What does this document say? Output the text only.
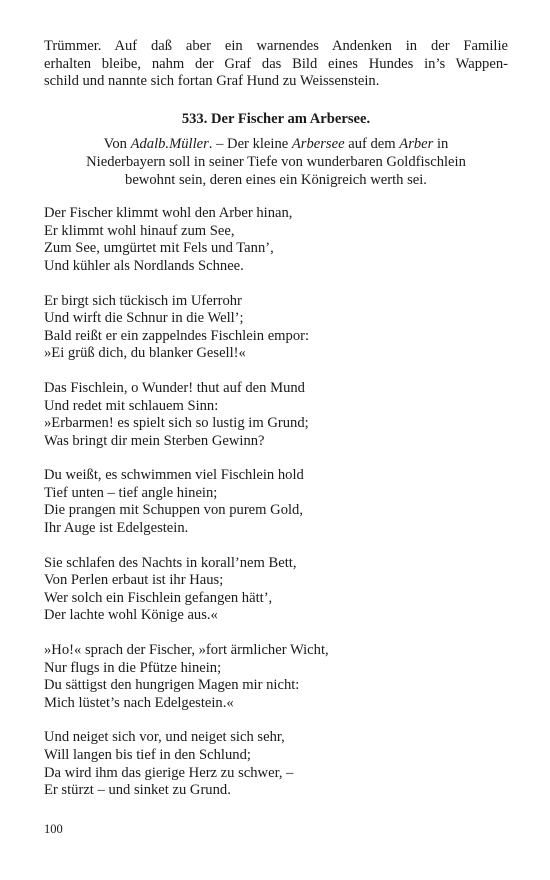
Trümmer. Auf daß aber ein warnendes Andenken in der Familie
erhalten bleibe, nahm der Graf das Bild eines Hundes in’s Wappen-
schild und nannte sich fortan Graf Hund zu Weissenstein.
533. Der Fischer am Arbersee.
Von Adalb.Müller. – Der kleine Arbersee auf dem Arber in
Niederbayern soll in seiner Tiefe von wunderbaren Goldfischlein
bewohnt sein, deren eines ein Königreich werth sei.
Der Fischer klimmt wohl den Arber hinan,
Er klimmt wohl hinauf zum See,
Zum See, umgürtet mit Fels und Tann’,
Und kühler als Nordlands Schnee.
Er birgt sich tückisch im Uferrohr
Und wirft die Schnur in die Well’;
Bald reißt er ein zappelndes Fischlein empor:
»Ei grüß dich, du blanker Gesell!«
Das Fischlein, o Wunder! thut auf den Mund
Und redet mit schlauem Sinn:
»Erbarmen! es spielt sich so lustig im Grund;
Was bringt dir mein Sterben Gewinn?
Du weißt, es schwimmen viel Fischlein hold
Tief unten – tief angle hinein;
Die prangen mit Schuppen von purem Gold,
Ihr Auge ist Edelgestein.
Sie schlafen des Nachts in korall’nem Bett,
Von Perlen erbaut ist ihr Haus;
Wer solch ein Fischlein gefangen hätt’,
Der lachte wohl Könige aus.«
»Ho!« sprach der Fischer, »fort ärmlicher Wicht,
Nur flugs in die Pfütze hinein;
Du sättigst den hungrigen Magen mir nicht:
Mich lüstet’s nach Edelgestein.«
Und neiget sich vor, und neiget sich sehr,
Will langen bis tief in den Schlund;
Da wird ihm das gierige Herz zu schwer, –
Er stürzt – und sinket zu Grund.
100
